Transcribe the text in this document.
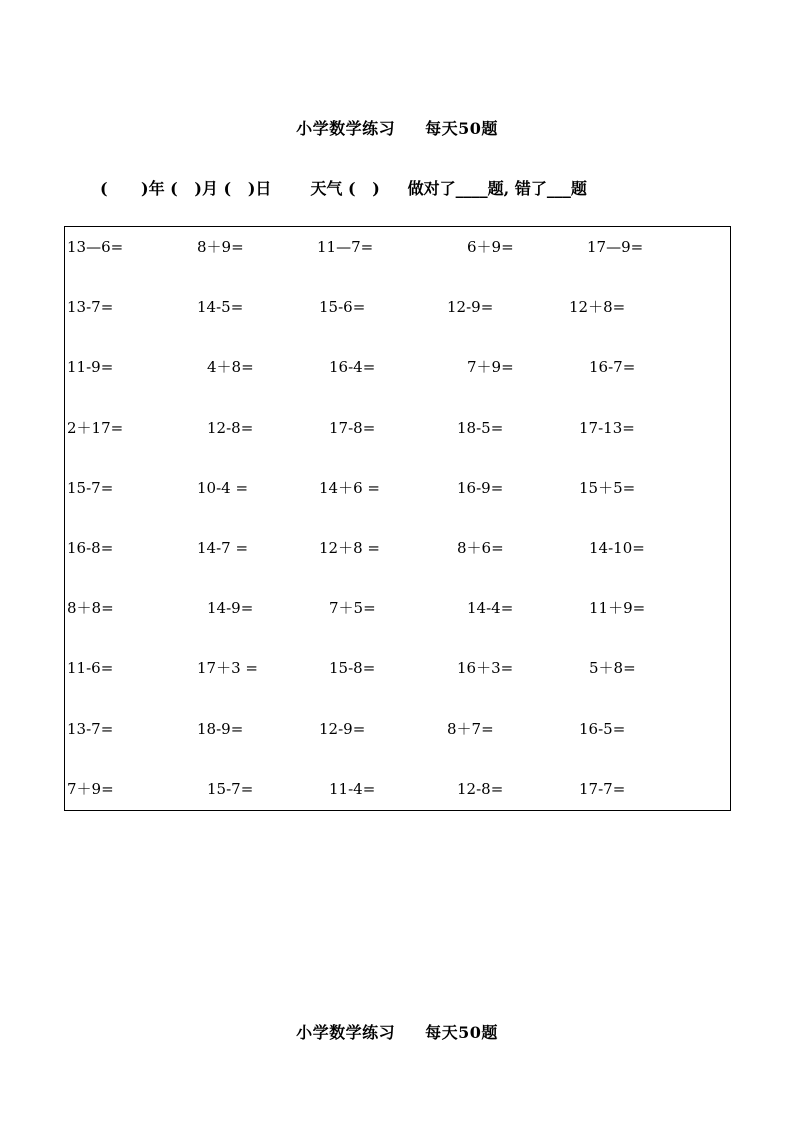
小学数学练习 每天50题
(      )年 (   )月 (   )日       天气 (   )     做对了____题, 错了___题
13—6=	8＋9=	11—7=	6＋9=	17—9=
13-7=	14-5=	15-6=	12-9=	12＋8=
11-9=	4＋8=	16-4=	7＋9=	16-7=
2＋17=	12-8=	17-8=	18-5=	17-13=
15-7=	10-4 =	14＋6 =	16-9=	15＋5=
16-8=	14-7 =	12＋8 =	8＋6=	14-10=
8＋8=	14-9=	7＋5=	14-4=	11＋9=
11-6=	17＋3 =	15-8=	16＋3=	5＋8=
13-7=	18-9=	12-9=	8＋7=	16-5=
7＋9=	15-7=	11-4=	12-8=	17-7=
小学数学练习 每天50题
